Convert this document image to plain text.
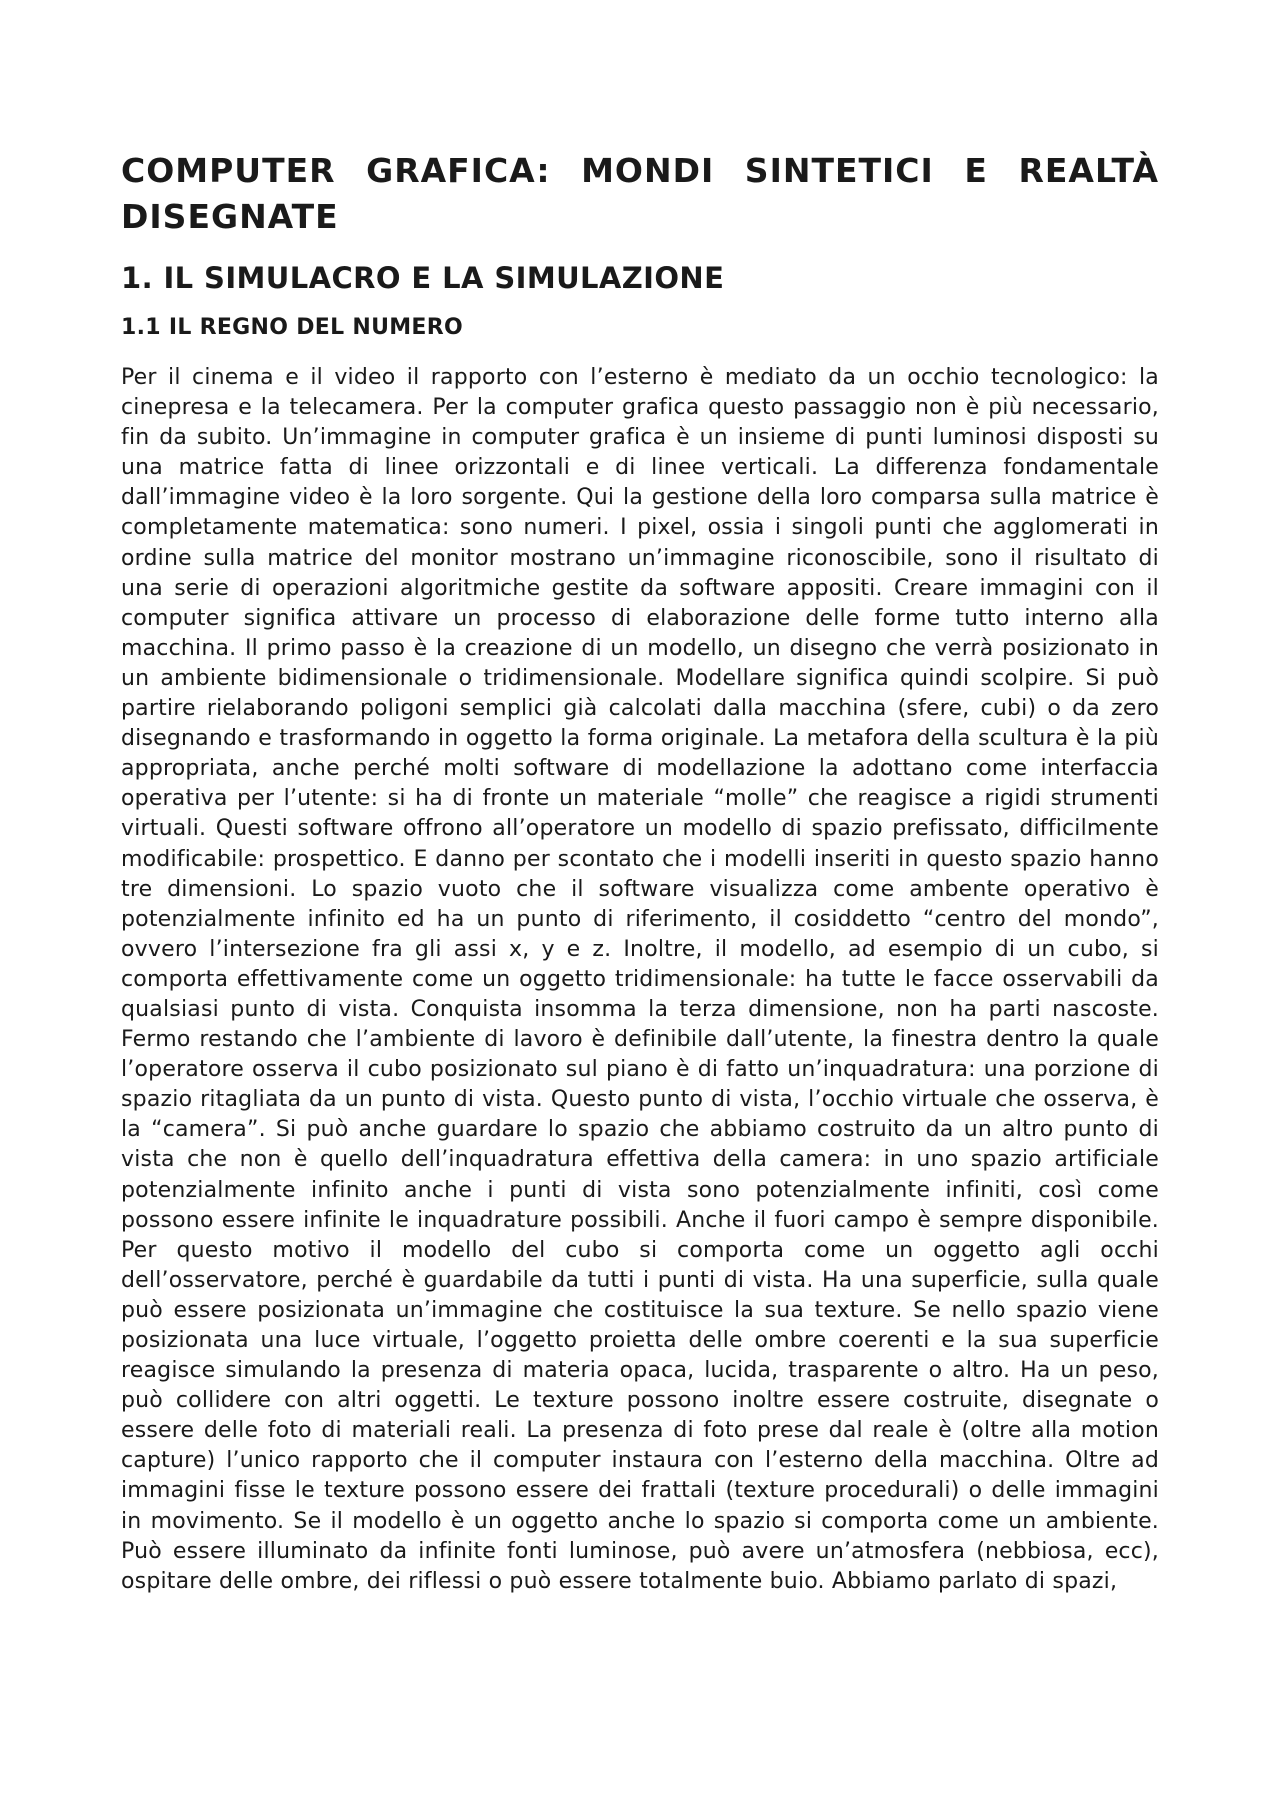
COMPUTER GRAFICA: MONDI SINTETICI E REALTÀ DISEGNATE
1. IL SIMULACRO E LA SIMULAZIONE
1.1 IL REGNO DEL NUMERO

Per il cinema e il video il rapporto con l’esterno è mediato da un occhio tecnologico: la cinepresa e la telecamera. Per la computer grafica questo passaggio non è più necessario, fin da subito. Un’immagine in computer grafica è un insieme di punti luminosi disposti su una matrice fatta di linee orizzontali e di linee verticali. La differenza fondamentale dall’immagine video è la loro sorgente. Qui la gestione della loro comparsa sulla matrice è completamente matematica: sono numeri. I pixel, ossia i singoli punti che agglomerati in ordine sulla matrice del monitor mostrano un’immagine riconoscibile, sono il risultato di una serie di operazioni algoritmiche gestite da software appositi. Creare immagini con il computer significa attivare un processo di elaborazione delle forme tutto interno alla macchina. Il primo passo è la creazione di un modello, un disegno che verrà posizionato in un ambiente bidimensionale o tridimensionale. Modellare significa quindi scolpire. Si può partire rielaborando poligoni semplici già calcolati dalla macchina (sfere, cubi) o da zero disegnando e trasformando in oggetto la forma originale. La metafora della scultura è la più appropriata, anche perché molti software di modellazione la adottano come interfaccia operativa per l’utente: si ha di fronte un materiale “molle” che reagisce a rigidi strumenti virtuali. Questi software offrono all’operatore un modello di spazio prefissato, difficilmente modificabile: prospettico. E danno per scontato che i modelli inseriti in questo spazio hanno tre dimensioni. Lo spazio vuoto che il software visualizza come ambente operativo è potenzialmente infinito ed ha un punto di riferimento, il cosiddetto “centro del mondo”, ovvero l’intersezione fra gli assi x, y e z. Inoltre, il modello, ad esempio di un cubo, si comporta effettivamente come un oggetto tridimensionale: ha tutte le facce osservabili da qualsiasi punto di vista. Conquista insomma la terza dimensione, non ha parti nascoste. Fermo restando che l’ambiente di lavoro è definibile dall’utente, la finestra dentro la quale l’operatore osserva il cubo posizionato sul piano è di fatto un’inquadratura: una porzione di spazio ritagliata da un punto di vista. Questo punto di vista, l’occhio virtuale che osserva, è la “camera”. Si può anche guardare lo spazio che abbiamo costruito da un altro punto di vista che non è quello dell’inquadratura effettiva della camera: in uno spazio artificiale potenzialmente infinito anche i punti di vista sono potenzialmente infiniti, così come possono essere infinite le inquadrature possibili. Anche il fuori campo è sempre disponibile. Per questo motivo il modello del cubo si comporta come un oggetto agli occhi dell’osservatore, perché è guardabile da tutti i punti di vista. Ha una superficie, sulla quale può essere posizionata un’immagine che costituisce la sua texture. Se nello spazio viene posizionata una luce virtuale, l’oggetto proietta delle ombre coerenti e la sua superficie reagisce simulando la presenza di materia opaca, lucida, trasparente o altro. Ha un peso, può collidere con altri oggetti. Le texture possono inoltre essere costruite, disegnate o essere delle foto di materiali reali. La presenza di foto prese dal reale è (oltre alla motion capture) l’unico rapporto che il computer instaura con l’esterno della macchina. Oltre ad immagini fisse le texture possono essere dei frattali (texture procedurali) o delle immagini in movimento. Se il modello è un oggetto anche lo spazio si comporta come un ambiente. Può essere illuminato da infinite fonti luminose, può avere un’atmosfera (nebbiosa, ecc), ospitare delle ombre, dei riflessi o può essere totalmente buio. Abbiamo parlato di spazi,
